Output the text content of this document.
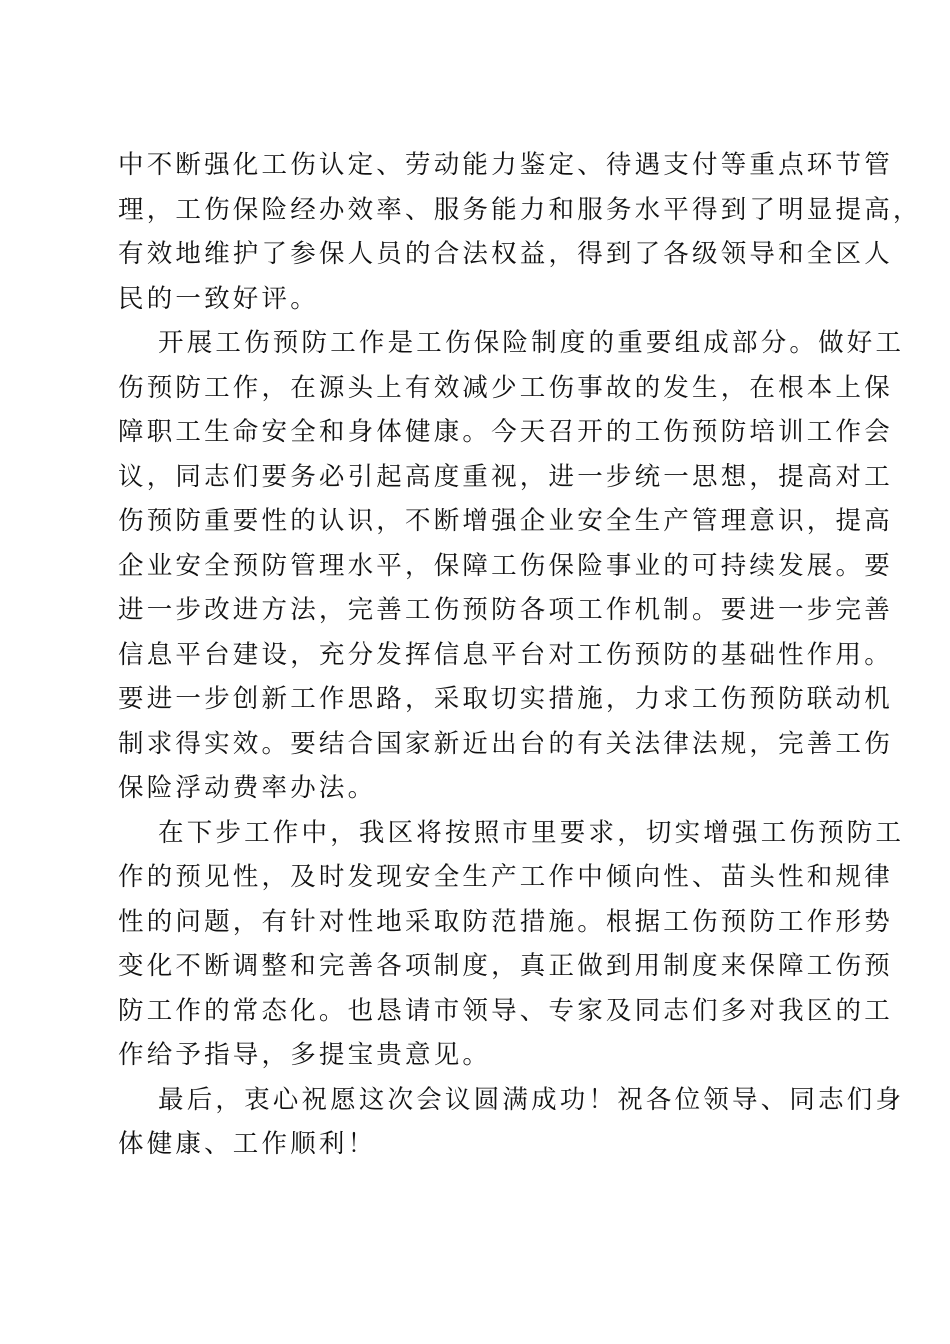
中不断强化工伤认定、劳动能力鉴定、待遇支付等重点环节管
理，工伤保险经办效率、服务能力和服务水平得到了明显提高，
有效地维护了参保人员的合法权益，得到了各级领导和全区人
民的一致好评。
开展工伤预防工作是工伤保险制度的重要组成部分。做好工
伤预防工作，在源头上有效减少工伤事故的发生，在根本上保
障职工生命安全和身体健康。今天召开的工伤预防培训工作会
议，同志们要务必引起高度重视，进一步统一思想，提高对工
伤预防重要性的认识，不断增强企业安全生产管理意识，提高
企业安全预防管理水平，保障工伤保险事业的可持续发展。要
进一步改进方法，完善工伤预防各项工作机制。要进一步完善
信息平台建设，充分发挥信息平台对工伤预防的基础性作用。
要进一步创新工作思路，采取切实措施，力求工伤预防联动机
制求得实效。要结合国家新近出台的有关法律法规，完善工伤
保险浮动费率办法。
在下步工作中，我区将按照市里要求，切实增强工伤预防工
作的预见性，及时发现安全生产工作中倾向性、苗头性和规律
性的问题，有针对性地采取防范措施。根据工伤预防工作形势
变化不断调整和完善各项制度，真正做到用制度来保障工伤预
防工作的常态化。也恳请市领导、专家及同志们多对我区的工
作给予指导，多提宝贵意见。
最后，衷心祝愿这次会议圆满成功！祝各位领导、同志们身
体健康、工作顺利！
